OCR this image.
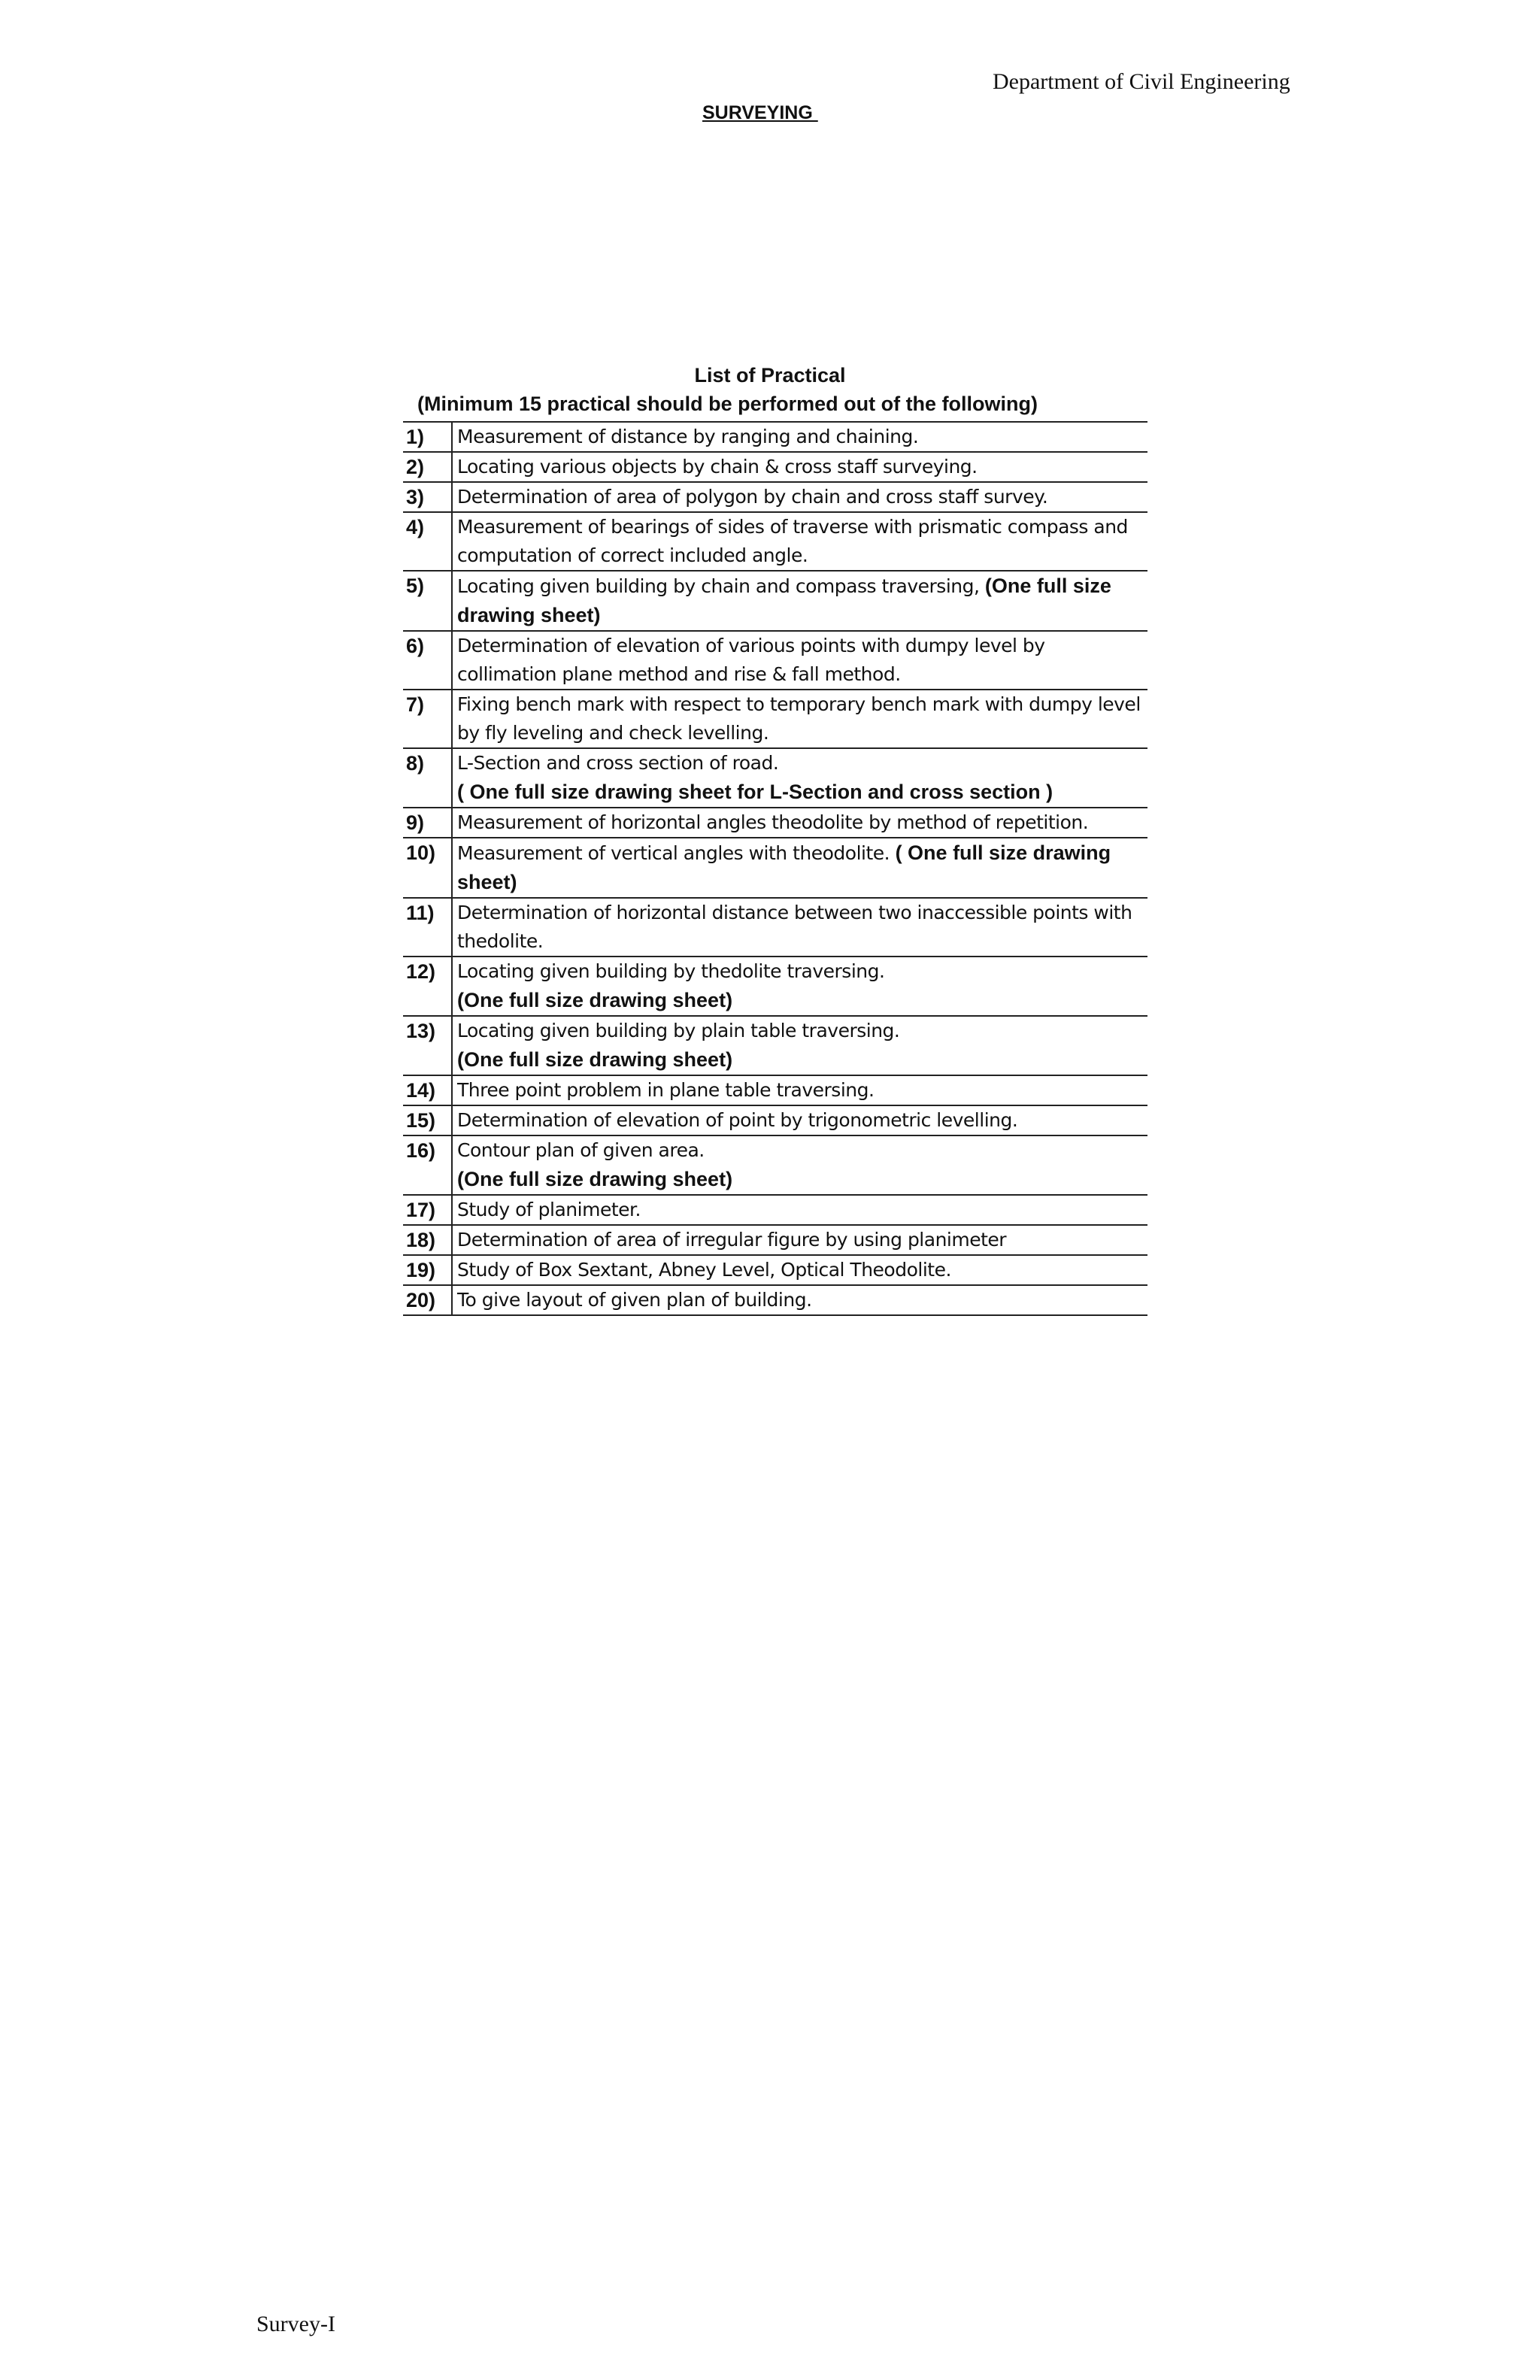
Department of Civil Engineering
SURVEYING
List of Practical
(Minimum 15 practical should be performed out of the following)
1)	Measurement of distance by ranging and chaining.
2)	Locating various objects by chain & cross staff surveying.
3)	Determination of area of polygon by chain and cross staff survey.
4)	Measurement of bearings of sides of traverse with prismatic compass and computation of correct included angle.
5)	Locating given building by chain and compass traversing, (One full size drawing sheet)
6)	Determination of elevation of various points with dumpy level by collimation plane method and rise & fall method.
7)	Fixing bench mark with respect to temporary bench mark with dumpy level by fly leveling and check levelling.
8)	L-Section and cross section of road.
( One full size drawing sheet for L-Section and cross section )
9)	Measurement of horizontal angles theodolite by method of repetition.
10)	Measurement of vertical angles with theodolite. ( One full size drawing sheet)
11)	Determination of horizontal distance between two inaccessible points with thedolite.
12)	Locating given building by thedolite traversing.
(One full size drawing sheet)
13)	Locating given building by plain table traversing.
(One full size drawing sheet)
14)	Three point problem in plane table traversing.
15)	Determination of elevation of point by trigonometric levelling.
16)	Contour plan of given area.
(One full size drawing sheet)
17)	Study of planimeter.
18)	Determination of area of irregular figure by using planimeter
19)	Study of Box Sextant, Abney Level, Optical Theodolite.
20)	To give layout of given plan of building.
Survey-I
